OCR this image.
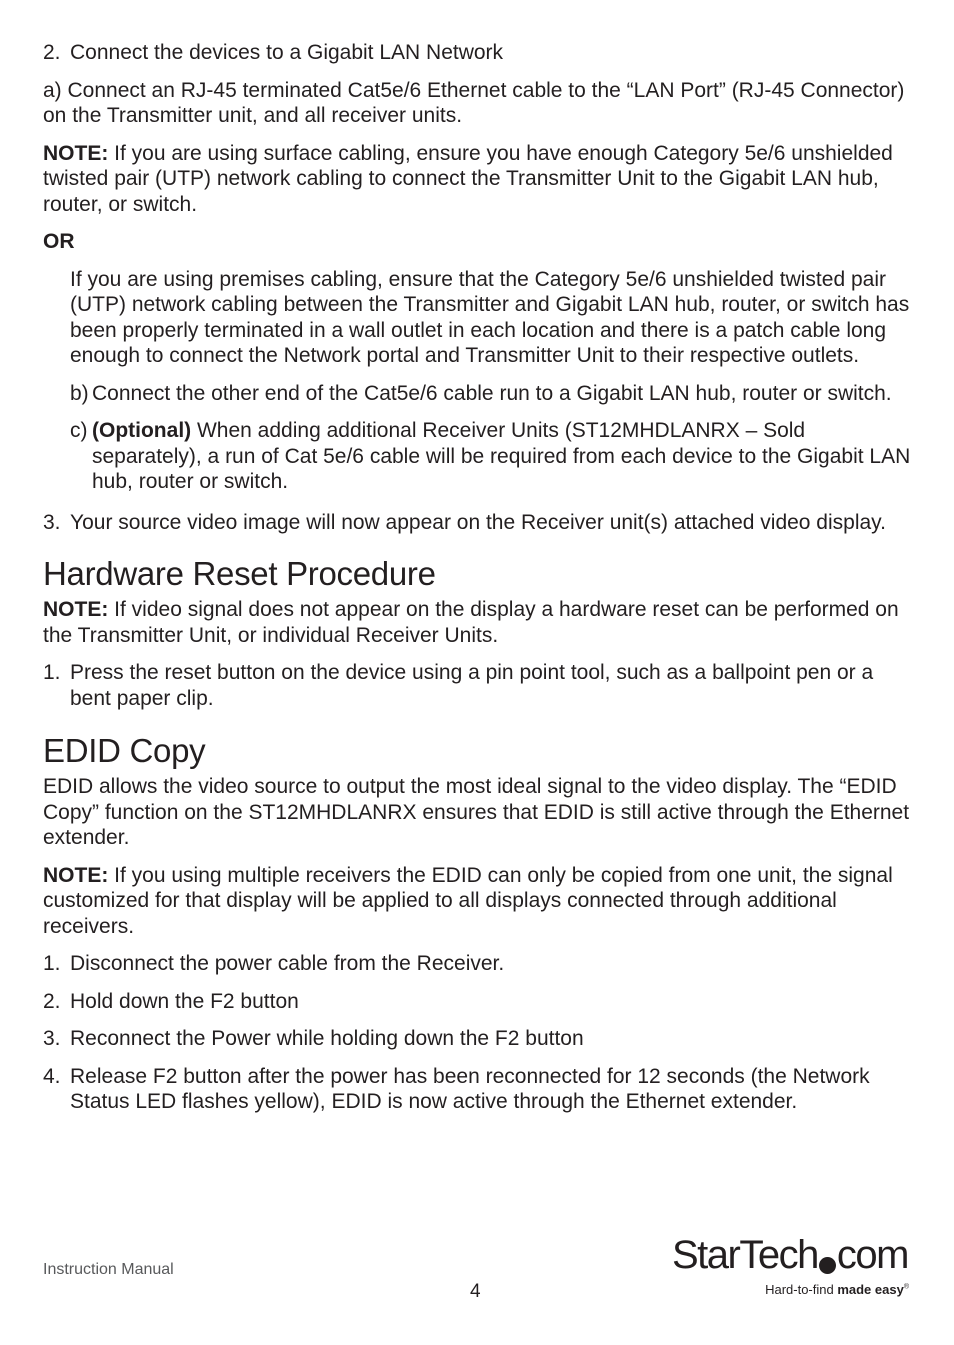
2. Connect the devices to a Gigabit LAN Network

a) Connect an RJ-45 terminated Cat5e/6 Ethernet cable to the “LAN Port” (RJ-45 Connector) on the Transmitter unit, and all receiver units.

NOTE: If you are using surface cabling, ensure you have enough Category 5e/6 unshielded twisted pair (UTP) network cabling to connect the Transmitter Unit to the Gigabit LAN hub, router, or switch.

OR

If you are using premises cabling, ensure that the Category 5e/6 unshielded twisted pair (UTP) network cabling between the Transmitter and Gigabit LAN hub, router, or switch has been properly terminated in a wall outlet in each location and there is a patch cable long enough to connect the Network portal and Transmitter Unit to their respective outlets.

b) Connect the other end of the Cat5e/6 cable run to a Gigabit LAN hub, router or switch.
c) (Optional) When adding additional Receiver Units (ST12MHDLANRX – Sold separately), a run of Cat 5e/6 cable will be required from each device to the Gigabit LAN hub, router or switch.
3. Your source video image will now appear on the Receiver unit(s) attached video display.
Hardware Reset Procedure

NOTE: If video signal does not appear on the display a hardware reset can be performed on the Transmitter Unit, or individual Receiver Units.

1. Press the reset button on the device using a pin point tool, such as a ballpoint pen or a bent paper clip.
EDID Copy

EDID allows the video source to output the most ideal signal to the video display. The “EDID Copy” function on the ST12MHDLANRX ensures that EDID is still active through the Ethernet extender.

NOTE: If you using multiple receivers the EDID can only be copied from one unit, the signal customized for that display will be applied to all displays connected through additional receivers.

1. Disconnect the power cable from the Receiver.
2. Hold down the F2 button
3. Reconnect the Power while holding down the F2 button
4. Release F2 button after the power has been reconnected for 12 seconds (the Network Status LED flashes yellow), EDID is now active through the Ethernet extender.
Instruction Manual
4
StarTech com
Hard-to-find made easy®
